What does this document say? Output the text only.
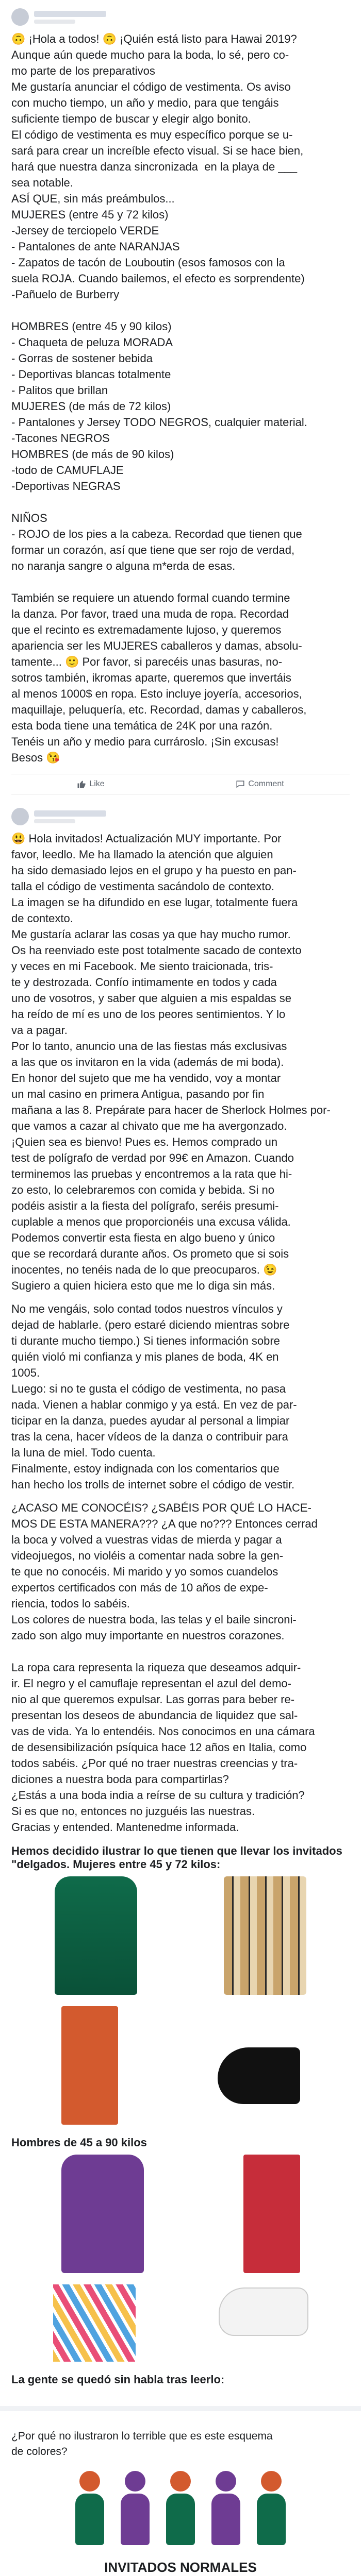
🙃 ¡Hola a todos! 🙃 ¡Quién está listo para Hawai 2019?
Aunque aún quede mucho para la boda, lo sé, pero co-
mo parte de los preparativos
Me gustaría anunciar el código de vestimenta. Os aviso
con mucho tiempo, un año y medio, para que tengáis
suficiente tiempo de buscar y elegir algo bonito.
El código de vestimenta es muy específico porque se u-
sará para crear un increíble efecto visual. Si se hace bien,
hará que nuestra danza sincronizada  en la playa de ___
sea notable.
ASÍ QUE, sin más preámbulos...
MUJERES (entre 45 y 72 kilos)
-Jersey de terciopelo VERDE
- Pantalones de ante NARANJAS
- Zapatos de tacón de Louboutin (esos famosos con la
suela ROJA. Cuando bailemos, el efecto es sorprendente)
-Pañuelo de Burberry

HOMBRES (entre 45 y 90 kilos)
- Chaqueta de peluza MORADA
- Gorras de sostener bebida
- Deportivas blancas totalmente
- Palitos que brillan
MUJERES (de más de 72 kilos)
- Pantalones y Jersey TODO NEGROS, cualquier material.
-Tacones NEGROS
HOMBRES (de más de 90 kilos)
-todo de CAMUFLAJE
-Deportivas NEGRAS

NIÑOS
- ROJO de los pies a la cabeza. Recordad que tienen que
formar un corazón, así que tiene que ser rojo de verdad,
no naranja sangre o alguna m*erda de esas.

También se requiere un atuendo formal cuando termine
la danza. Por favor, traed una muda de ropa. Recordad
que el recinto es extremadamente lujoso, y queremos
apariencia ser les MUJERES caballeros y damas, absolu-
tamente... 🙂 Por favor, si parecéis unas basuras, no-
sotros también, ikromas aparte, queremos que invertáis
al menos 1000$ en ropa. Esto incluye joyería, accesorios,
maquillaje, peluquería, etc. Recordad, damas y caballeros,
esta boda tiene una temática de 24K por una razón.
Tenéis un año y medio para currároslo. ¡Sin excusas!
Besos 😘
Like	Comment
😃 Hola invitados! Actualización MUY importante. Por
favor, leedlo. Me ha llamado la atención que alguien
ha sido demasiado lejos en el grupo y ha puesto en pan-
talla el código de vestimenta sacándolo de contexto.
La imagen se ha difundido en ese lugar, totalmente fuera
de contexto.
Me gustaría aclarar las cosas ya que hay mucho rumor.
Os ha reenviado este post totalmente sacado de contexto
y veces en mi Facebook. Me siento traicionada, tris-
te y destrozada. Confío intimamente en todos y cada
uno de vosotros, y saber que alguien a mis espaldas se
ha reído de mí es uno de los peores sentimientos. Y lo
va a pagar.
Por lo tanto, anuncio una de las fiestas más exclusivas
a las que os invitaron en la vida (además de mi boda).
En honor del sujeto que me ha vendido, voy a montar
un mal casino en primera Antigua, pasando por fin
mañana a las 8. Prepárate para hacer de Sherlock Holmes por-
que vamos a cazar al chivato que me ha avergonzado.
¡Quien sea es bienvo! Pues es. Hemos comprado un
test de polígrafo de verdad por 99€ en Amazon. Cuando
terminemos las pruebas y encontremos a la rata que hi-
zo esto, lo celebraremos con comida y bebida. Si no
podéis asistir a la fiesta del polígrafo, seréis presumi-
cuplable a menos que proporcionéis una excusa válida.
Podemos convertir esta fiesta en algo bueno y único
que se recordará durante años. Os prometo que si sois
inocentes, no tenéis nada de lo que preocuparos. 😉
Sugiero a quien hiciera esto que me lo diga sin más.
No me vengáis, solo contad todos nuestros vínculos y
dejad de hablarle. (pero estaré diciendo mientras sobre
ti durante mucho tiempo.) Si tienes información sobre
quién violó mi confianza y mis planes de boda, 4K en
1005.
Luego: si no te gusta el código de vestimenta, no pasa
nada. Vienen a hablar conmigo y ya está. En vez de par-
ticipar en la danza, puedes ayudar al personal a limpiar
tras la cena, hacer vídeos de la danza o contribuir para
la luna de miel. Todo cuenta.
Finalmente, estoy indignada con los comentarios que
han hecho los trolls de internet sobre el código de vestir.
¿ACASO ME CONOCÉIS? ¿SABÉIS POR QUÉ LO HACE-
MOS DE ESTA MANERA??? ¿A que no??? Entonces cerrad
la boca y volved a vuestras vidas de mierda y pagar a
videojuegos, no violéis a comentar nada sobre la gen-
te que no conocéis. Mi marido y yo somos cuandelos
expertos certificados con más de 10 años de expe-
riencia, todos lo sabéis.
Los colores de nuestra boda, las telas y el baile sincroni-
zado son algo muy importante en nuestros corazones.

La ropa cara representa la riqueza que deseamos adquir-
ir. El negro y el camuflaje representan el azul del demo-
nio al que queremos expulsar. Las gorras para beber re-
presentan los deseos de abundancia de liquidez que sal-
vas de vida. Ya lo entendéis. Nos conocimos en una cámara
de desensibilización psíquica hace 12 años en Italia, como
todos sabéis. ¿Por qué no traer nuestras creencias y tra-
diciones a nuestra boda para compartirlas?
¿Estás a una boda india a reírse de su cultura y tradición?
Si es que no, entonces no juzguéis las nuestras.
Gracias y entended. Mantenedme informada.
Hemos decidido ilustrar lo que tienen que llevar los invitados "delgados. Mujeres entre 45 y 72 kilos:
Hombres de 45 a 90 kilos
La gente se quedó sin habla tras leerlo:
¿Por qué no ilustraron lo terrible que es este esquema
de colores?
INVITADOS NORMALES
